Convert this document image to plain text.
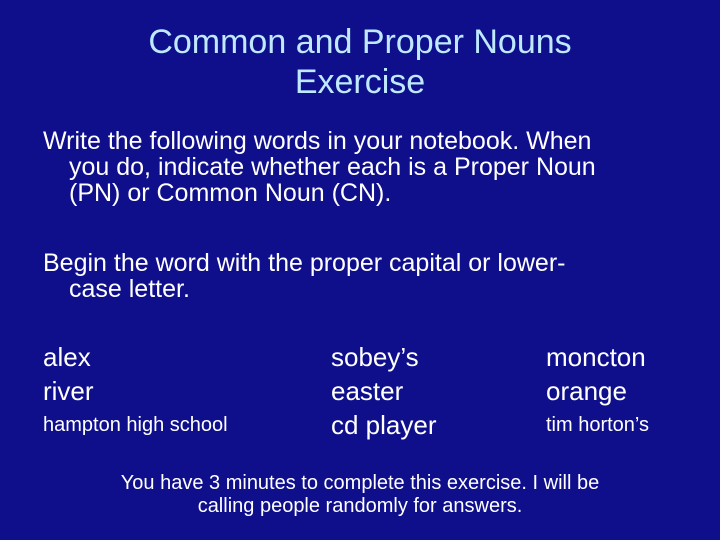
Common and Proper Nouns
Exercise
Write the following words in your notebook. When
you do, indicate whether each is a Proper Noun
(PN) or Common Noun (CN).
Begin the word with the proper capital or lower-
case letter.
alex
river
hampton high school
sobey’s
easter
cd player
moncton
orange
tim horton’s
You have 3 minutes to complete this exercise. I will be
calling people randomly for answers.
